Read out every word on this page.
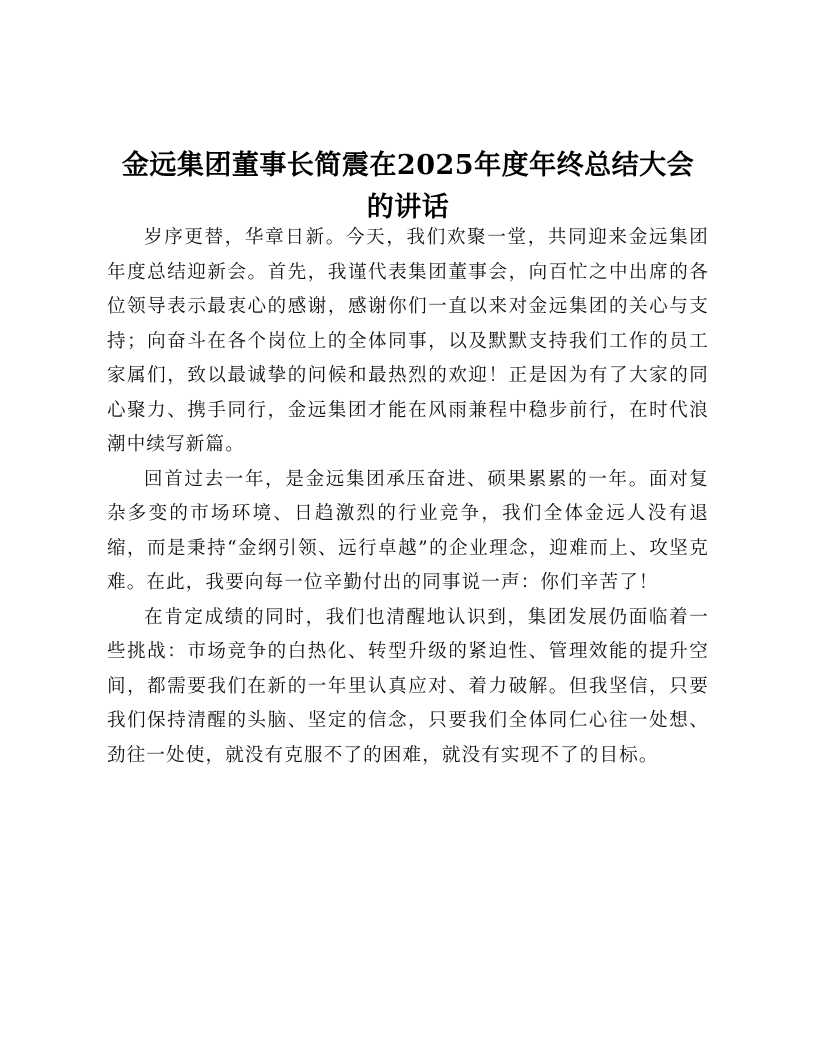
金远集团董事长简震在2025年度年终总结大会
的讲话

岁序更替，华章日新。今天，我们欢聚一堂，共同迎来金远集团年度总结迎新会。首先，我谨代表集团董事会，向百忙之中出席的各位领导表示最衷心的感谢，感谢你们一直以来对金远集团的关心与支持；向奋斗在各个岗位上的全体同事，以及默默支持我们工作的员工家属们，致以最诚挚的问候和最热烈的欢迎！正是因为有了大家的同心聚力、携手同行，金远集团才能在风雨兼程中稳步前行，在时代浪潮中续写新篇。

回首过去一年，是金远集团承压奋进、硕果累累的一年。面对复杂多变的市场环境、日趋激烈的行业竞争，我们全体金远人没有退缩，而是秉持“金纲引领、远行卓越”的企业理念，迎难而上、攻坚克难。在此，我要向每一位辛勤付出的同事说一声：你们辛苦了！

在肯定成绩的同时，我们也清醒地认识到，集团发展仍面临着一些挑战：市场竞争的白热化、转型升级的紧迫性、管理效能的提升空间，都需要我们在新的一年里认真应对、着力破解。但我坚信，只要我们保持清醒的头脑、坚定的信念，只要我们全体同仁心往一处想、劲往一处使，就没有克服不了的困难，就没有实现不了的目标。
